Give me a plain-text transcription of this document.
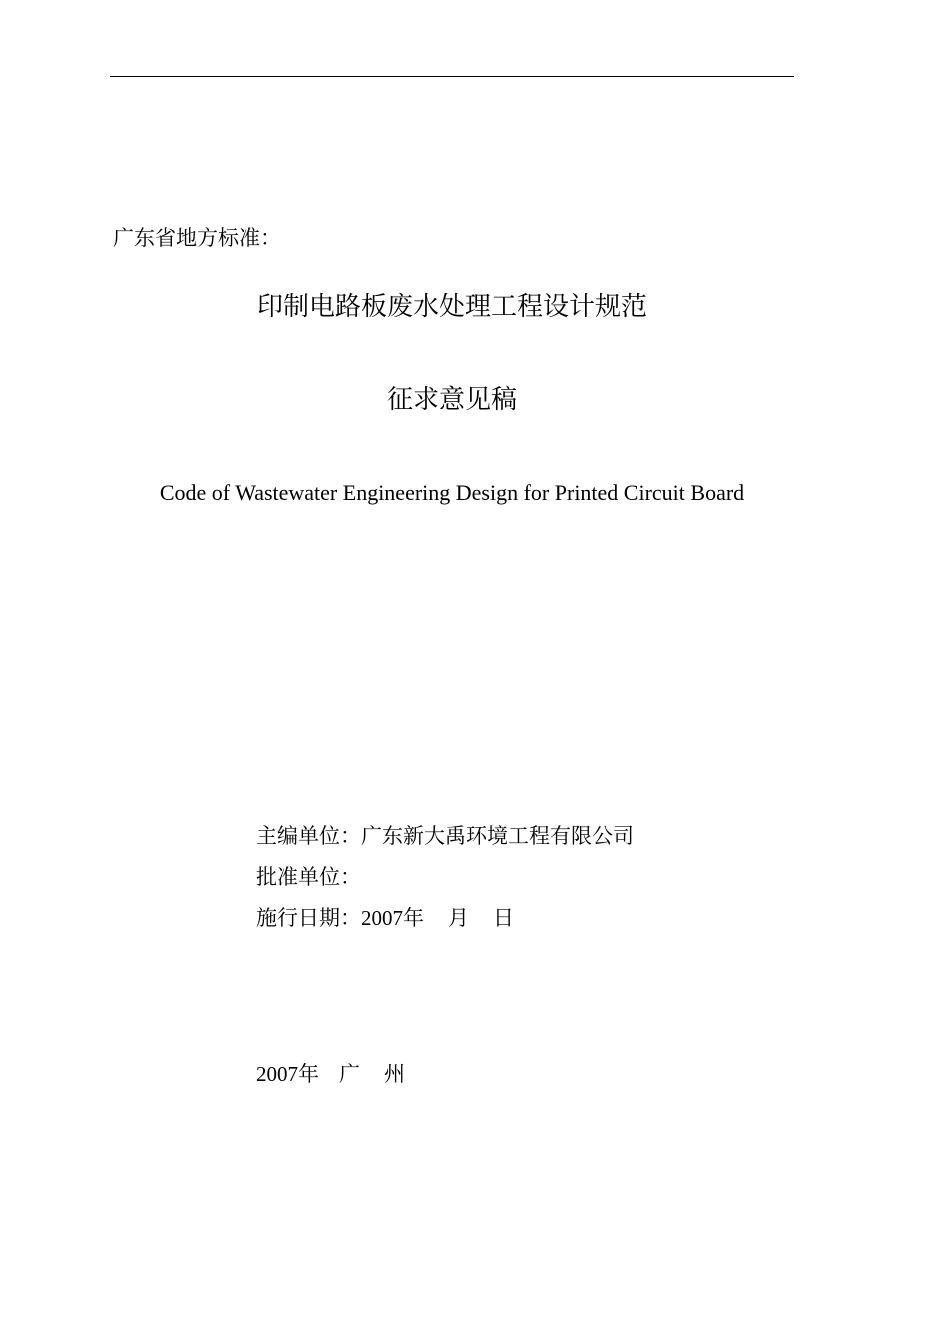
广东省地方标准：
印制电路板废水处理工程设计规范
征求意见稿
Code of Wastewater Engineering Design for Printed Circuit Board
主编单位：广东新大禹环境工程有限公司
批准单位：
施行日期：2007年 月 日
2007年 广 州
